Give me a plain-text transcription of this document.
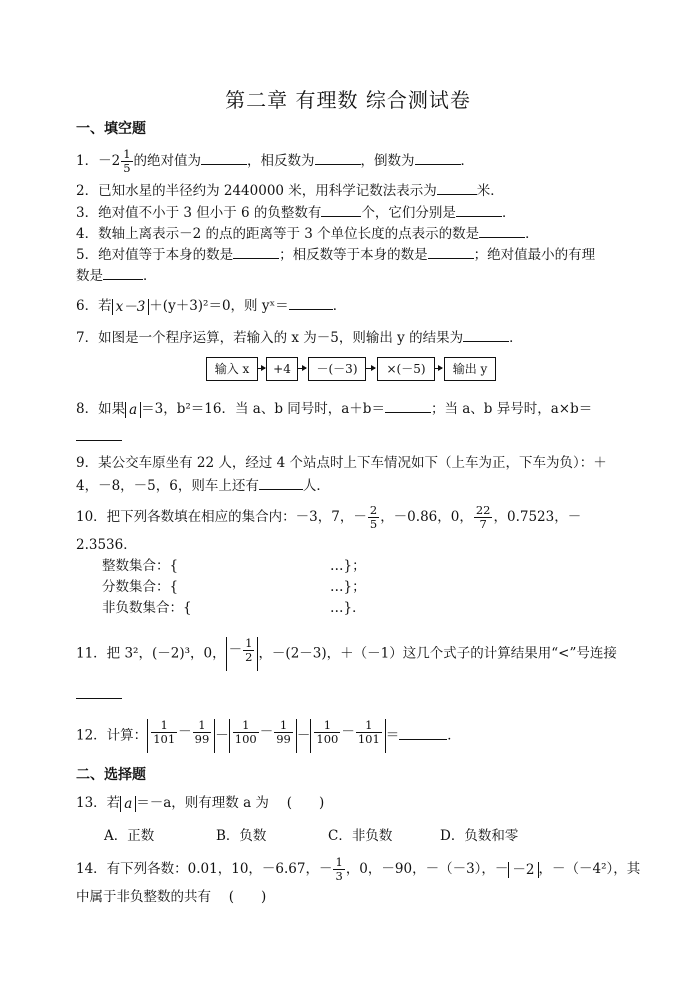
第二章 有理数 综合测试卷
一、填空题
1．$-2 \frac{1}{5}$ 的绝对值为	，相反数为	，倒数为	．
2．已知水星的半径约为 2440000 米，用科学记数法表示为	米．
3．绝对值不小于 3 但小于 6 的负整数有	个，它们分别是	．
4．数轴上离表示－2 的点的距离等于 3 个单位长度的点表示的数是	．
5．绝对值等于本身的数是	；相反数等于本身的数是	；绝对值最小的有理
数是	．
6．若 x－3 ＋(y＋3)²＝0，则 yˣ＝	．
7．如图是一个程序运算，若输入的 x 为－5，则输出 y 的结果为	．
输入 x	+4	－(－3)	×(－5)	输出 y
8．如果 a ＝3，b²＝16．当 a、b 同号时，a＋b＝	；当 a、b 异号时，a×b＝
9．某公交车原坐有 22 人，经过 4 个站点时上下车情况如下（上车为正，下车为负）：＋
4，－8，－5，6，则车上还有	人．
10．把下列各数填在相应的集合内：－3，7，－ $\frac{2}{5}$ ，－0.86，0， $\frac{22}{7}$ ，0.7523，－
2.3536．
整数集合：{	…}；
分数集合：{	…}；
非负数集合：{	…}．
11．把 3²，(－2)³，0， － $\frac{1}{2}$ ，－(2－3)，＋（－1）这几个式子的计算结果用“<”号连接
12．计算： $\frac{1}{101} - \frac{1}{99} - \frac{1}{100} - \frac{1}{99} - \frac{1}{100} - \frac{1}{101}$ ＝	．
二、选择题
13．若 a ＝－a，则有理数 a 为　 (　　)
A．正数	B．负数	C．非负数	D．负数和零
14．有下列各数：0.01，10，－6.67，－ $\frac{1}{3}$ ，0，－90，－（－3），－ －2 ，－（－4²），其
中属于非负整数的共有　 (　　)
